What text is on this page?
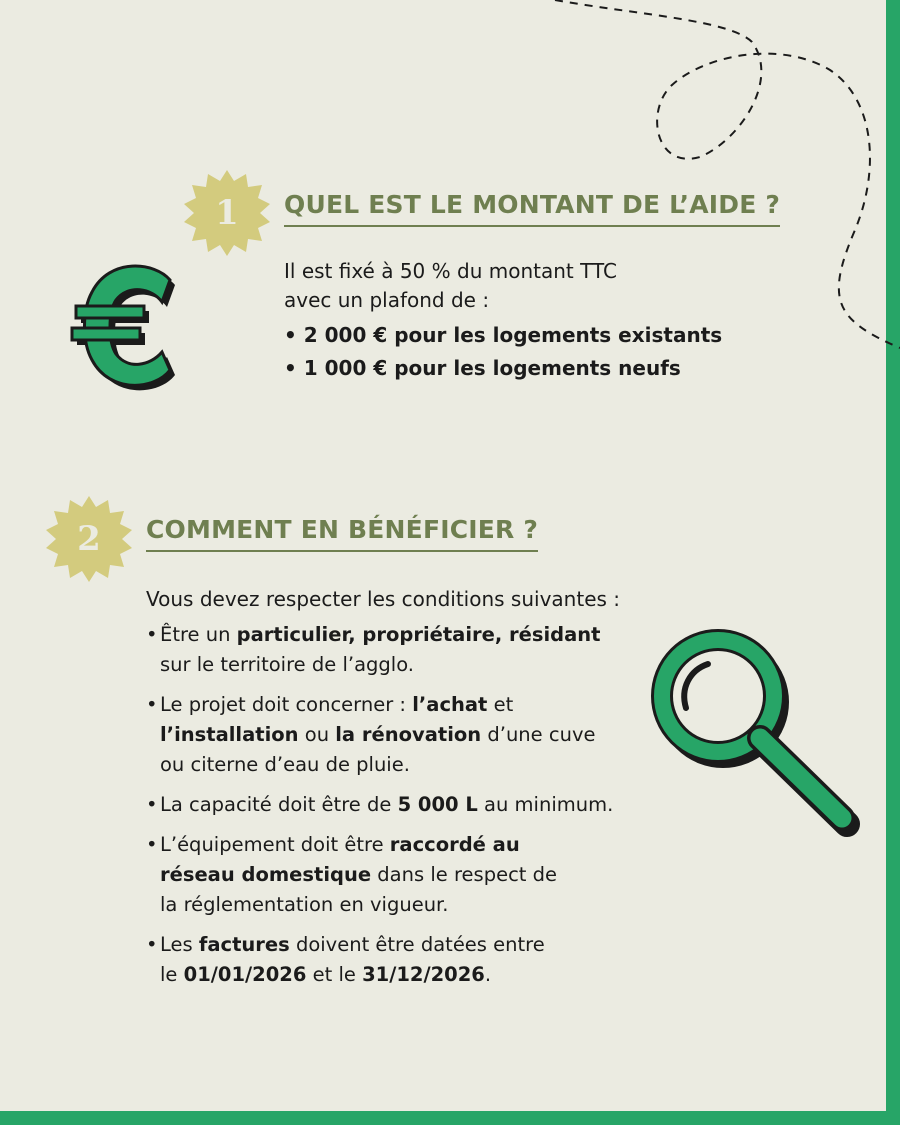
1	QUEL EST LE MONTANT DE L’AIDE ?

Il est fixé à 50 % du montant TTC

avec un plafond de :

• 2 000 € pour les logements existants
• 1 000 € pour les logements neufs
2	COMMENT EN BÉNÉFICIER ?

Vous devez respecter les conditions suivantes :

• Être un particulier, propriétaire, résidant
sur le territoire de l’agglo.
• Le projet doit concerner : l’achat et
l’installation ou la rénovation d’une cuve
ou citerne d’eau de pluie.
• La capacité doit être de 5 000 L au minimum.
• L’équipement doit être raccordé au
réseau domestique dans le respect de
la réglementation en vigueur.
• Les factures doivent être datées entre
le 01/01/2026 et le 31/12/2026.
